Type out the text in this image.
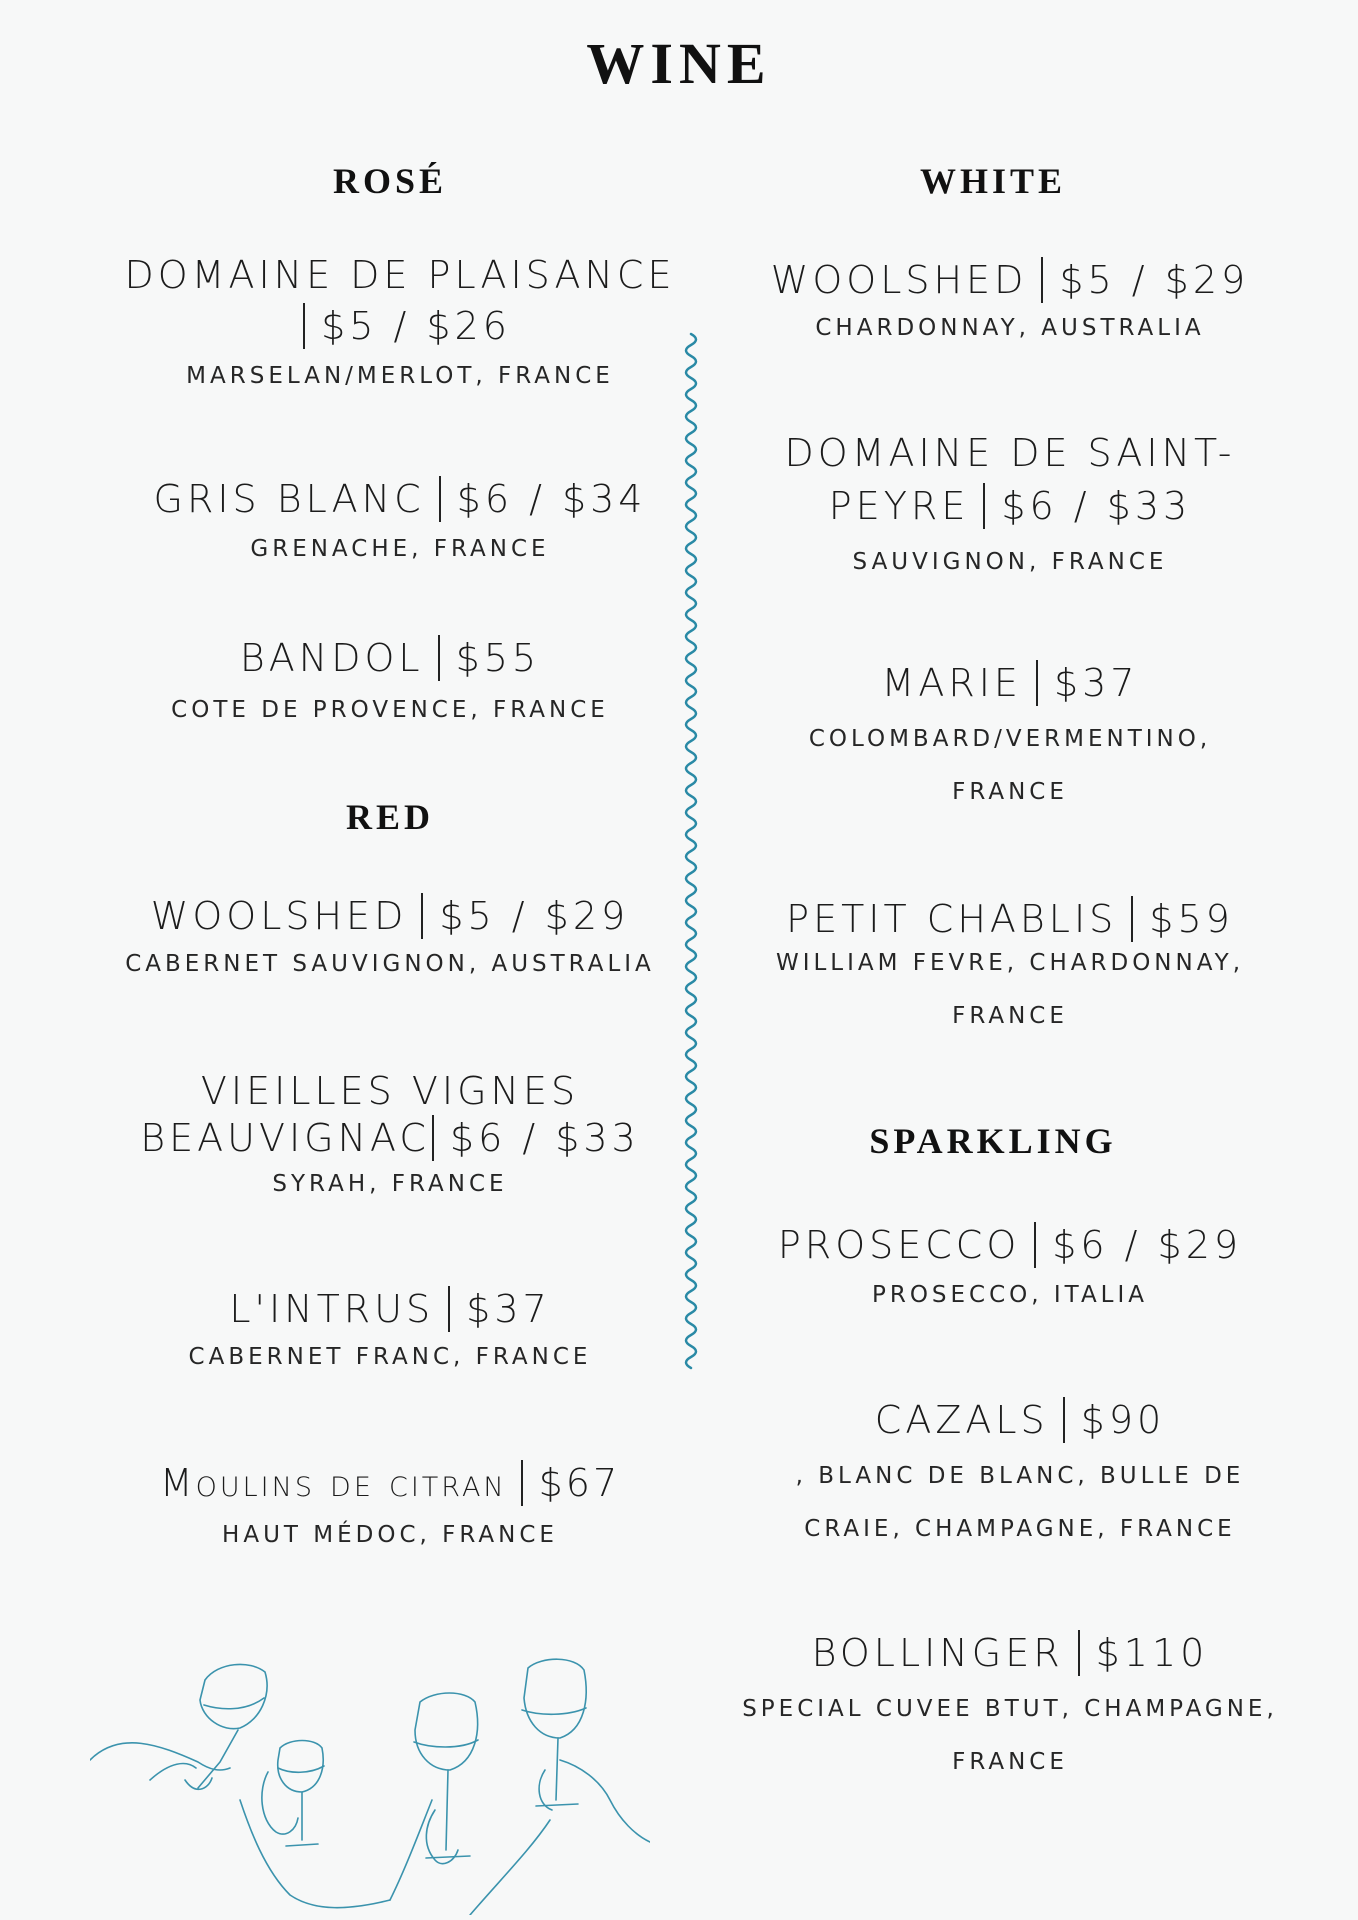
WINE
ROSÉ
DOMAINE DE PLAISANCE
$5 / $26
MARSELAN/MERLOT, FRANCE
GRIS BLANC $6 / $34
GRENACHE, FRANCE
BANDOL $55
COTE DE PROVENCE, FRANCE
RED
WOOLSHED $5 / $29
CABERNET SAUVIGNON, AUSTRALIA
VIEILLES VIGNES
BEAUVIGNAC $6 / $33
SYRAH, FRANCE
L'INTRUS $37
CABERNET FRANC, FRANCE
Moulins de citran $67
HAUT MÉDOC, FRANCE
WHITE
WOOLSHED $5 / $29
CHARDONNAY, AUSTRALIA
DOMAINE DE SAINT-
PEYRE $6 / $33
SAUVIGNON, FRANCE
MARIE $37
COLOMBARD/VERMENTINO,
FRANCE
PETIT CHABLIS $59
WILLIAM FEVRE, CHARDONNAY,
FRANCE
SPARKLING
PROSECCO $6 / $29
PROSECCO, ITALIA
CAZALS $90
, BLANC DE BLANC, BULLE DE
CRAIE, CHAMPAGNE, FRANCE
BOLLINGER $110
SPECIAL CUVEE BTUT, CHAMPAGNE,
FRANCE
